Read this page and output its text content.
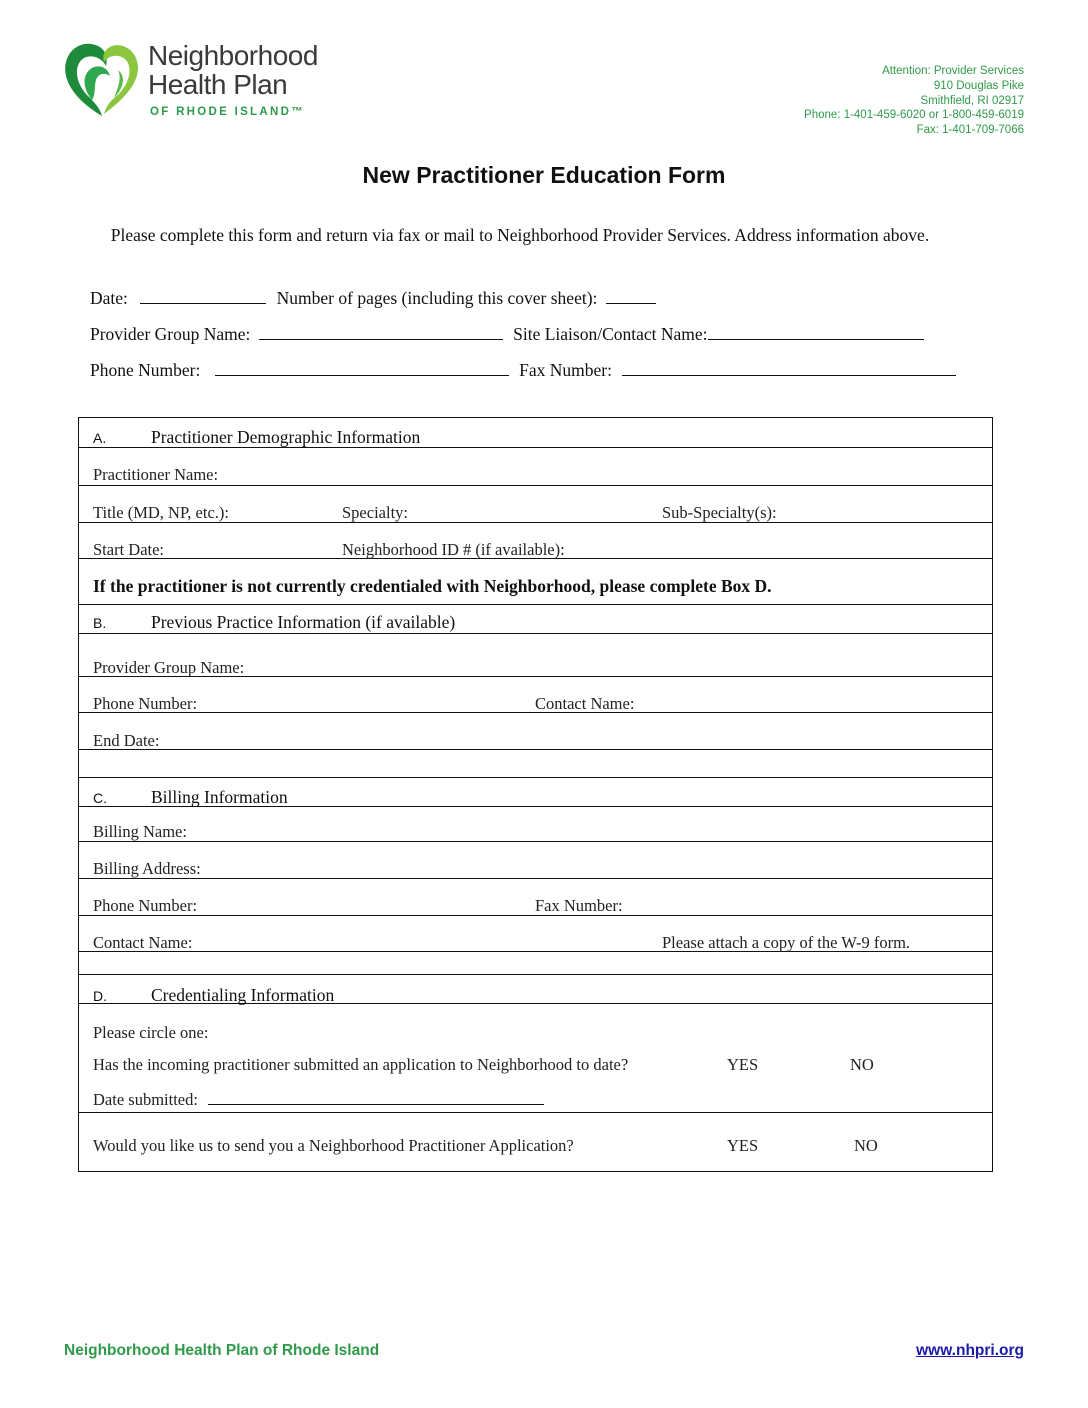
Neighborhood
Health Plan
OF RHODE ISLAND™
Attention: Provider Services
910 Douglas Pike
Smithfield, RI 02917
Phone: 1-401-459-6020 or 1-800-459-6019
Fax: 1-401-709-7066
New Practitioner Education Form
Please complete this form and return via fax or mail to Neighborhood Provider Services. Address information above.
Date:	Number of pages (including this cover sheet):
Provider Group Name:	Site Liaison/Contact Name:
Phone Number:	Fax Number:
A.	Practitioner Demographic Information
Practitioner Name:
Title (MD, NP, etc.):	Specialty:	Sub-Specialty(s):
Start Date:	Neighborhood ID # (if available):
If the practitioner is not currently credentialed with Neighborhood, please complete Box D.
B.	Previous Practice Information (if available)
Provider Group Name:
Phone Number:	Contact Name:
End Date:
C.	Billing Information
Billing Name:
Billing Address:
Phone Number:	Fax Number:
Contact Name:	Please attach a copy of the W-9 form.
D.	Credentialing Information
Please circle one:
Has the incoming practitioner submitted an application to Neighborhood to date?	YES	NO
Date submitted:
Would you like us to send you a Neighborhood Practitioner Application?	YES	NO
Neighborhood Health Plan of Rhode Island	www.nhpri.org
